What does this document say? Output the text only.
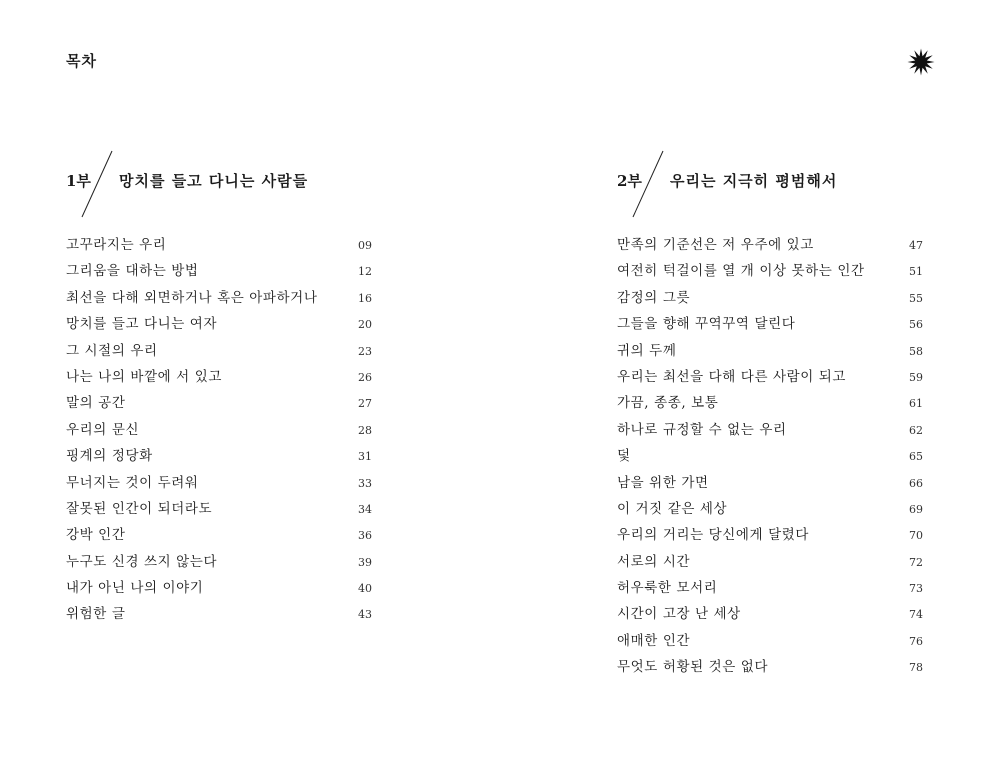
목차
1부 망치를 들고 다니는 사람들
고꾸라지는 우리	09
그리움을 대하는 방법	12
최선을 다해 외면하거나 혹은 아파하거나	16
망치를 들고 다니는 여자	20
그 시절의 우리	23
나는 나의 바깥에 서 있고	26
말의 공간	27
우리의 문신	28
핑계의 정당화	31
무너지는 것이 두려워	33
잘못된 인간이 되더라도	34
강박 인간	36
누구도 신경 쓰지 않는다	39
내가 아닌 나의 이야기	40
위험한 글	43
2부 우리는 지극히 평범해서
만족의 기준선은 저 우주에 있고	47
여전히 턱걸이를 열 개 이상 못하는 인간	51
감정의 그릇	55
그들을 향해 꾸역꾸역 달린다	56
귀의 두께	58
우리는 최선을 다해 다른 사람이 되고	59
가끔, 종종, 보통	61
하나로 규정할 수 없는 우리	62
덫	65
남을 위한 가면	66
이 거짓 같은 세상	69
우리의 거리는 당신에게 달렸다	70
서로의 시간	72
허우룩한 모서리	73
시간이 고장 난 세상	74
애매한 인간	76
무엇도 허황된 것은 없다	78
